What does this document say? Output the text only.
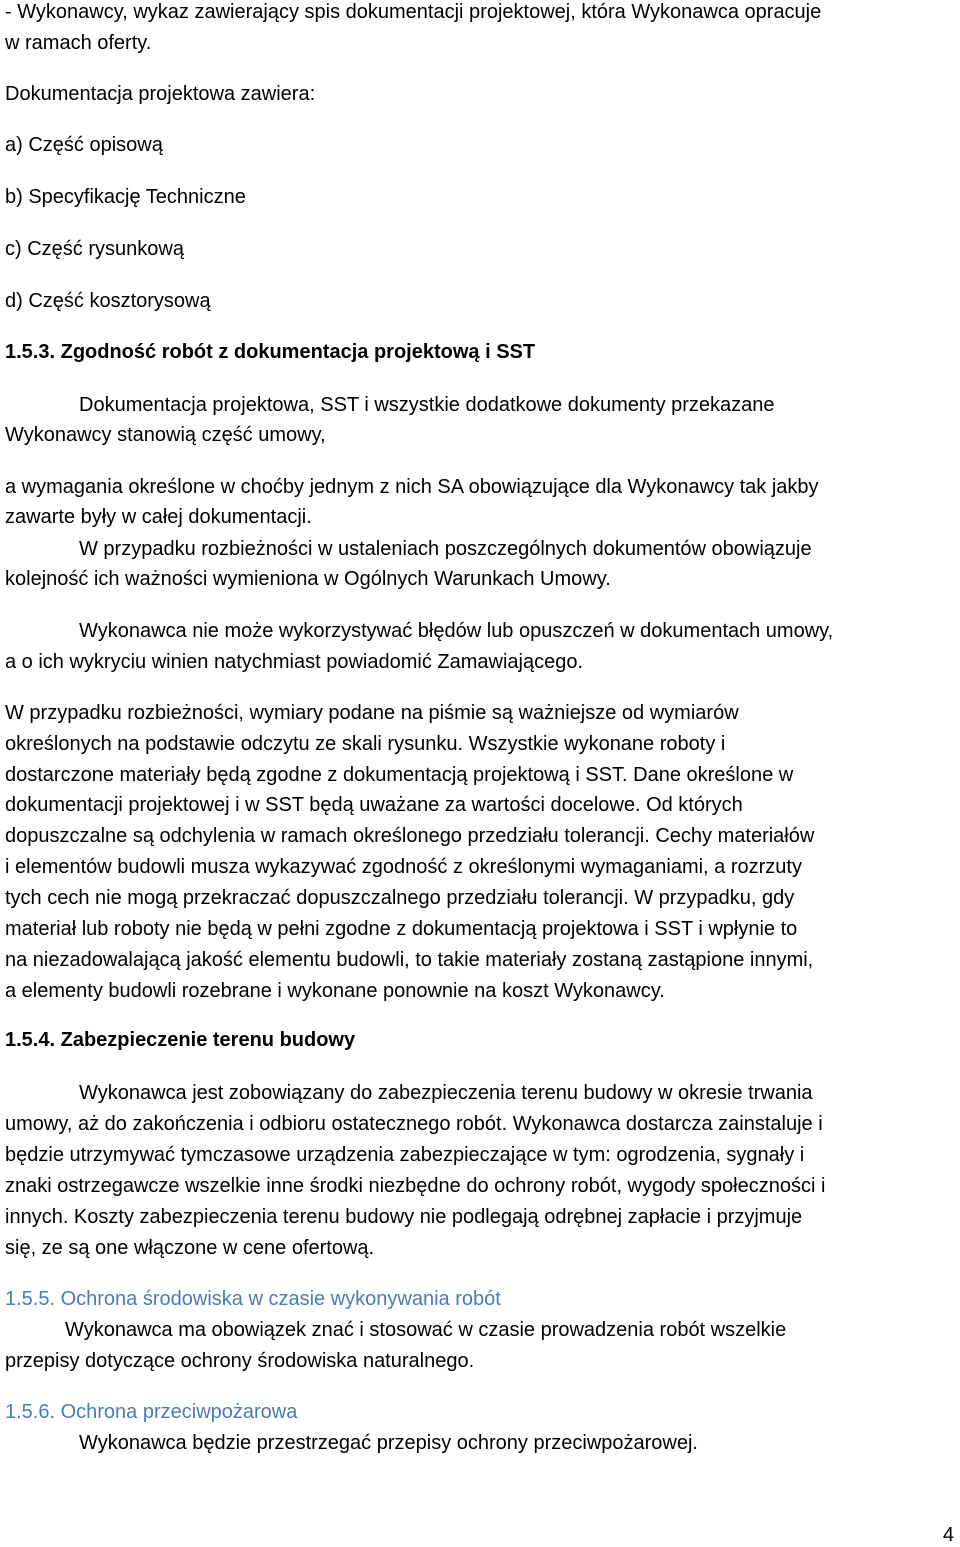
- Wykonawcy, wykaz zawierający spis dokumentacji projektowej, która Wykonawca opracuje
w ramach oferty.
Dokumentacja projektowa zawiera:
a) Część opisową
b) Specyfikację Techniczne
c) Część rysunkową
d) Część kosztorysową
1.5.3. Zgodność robót z dokumentacja projektową i SST
Dokumentacja projektowa, SST i wszystkie dodatkowe dokumenty przekazane
Wykonawcy stanowią część umowy,
a wymagania określone w choćby jednym z nich SA obowiązujące dla Wykonawcy tak jakby
zawarte były w całej dokumentacji.
W przypadku rozbieżności w ustaleniach poszczególnych dokumentów obowiązuje
kolejność ich ważności wymieniona w Ogólnych Warunkach Umowy.
Wykonawca nie może wykorzystywać błędów lub opuszczeń w dokumentach umowy,
a o ich wykryciu winien natychmiast powiadomić Zamawiającego.
W przypadku rozbieżności, wymiary podane na piśmie są ważniejsze od wymiarów
określonych na podstawie odczytu ze skali rysunku. Wszystkie wykonane roboty i
dostarczone materiały będą zgodne z dokumentacją projektową i SST. Dane określone w
dokumentacji projektowej i w SST będą uważane za wartości docelowe. Od których
dopuszczalne są odchylenia w ramach określonego przedziału tolerancji. Cechy materiałów
i elementów budowli musza wykazywać zgodność z określonymi wymaganiami, a rozrzuty
tych cech nie mogą przekraczać dopuszczalnego przedziału tolerancji. W przypadku, gdy
materiał lub roboty nie będą w pełni zgodne z dokumentacją projektowa i SST i wpłynie to
na niezadowalającą jakość elementu budowli, to takie materiały zostaną zastąpione innymi,
a elementy budowli rozebrane i wykonane ponownie na koszt Wykonawcy.
1.5.4. Zabezpieczenie terenu budowy
Wykonawca jest zobowiązany do zabezpieczenia terenu budowy w okresie trwania
umowy, aż do zakończenia i odbioru ostatecznego robót. Wykonawca dostarcza zainstaluje i
będzie utrzymywać tymczasowe urządzenia zabezpieczające w tym: ogrodzenia, sygnały i
znaki ostrzegawcze wszelkie inne środki niezbędne do ochrony robót, wygody społeczności i
innych. Koszty zabezpieczenia terenu budowy nie podlegają odrębnej zapłacie i przyjmuje
się, ze są one włączone w cene ofertową.
1.5.5. Ochrona środowiska w czasie wykonywania robót
Wykonawca ma obowiązek znać i stosować w czasie prowadzenia robót wszelkie
przepisy dotyczące ochrony środowiska naturalnego.
1.5.6. Ochrona przeciwpożarowa
Wykonawca będzie przestrzegać przepisy ochrony przeciwpożarowej.
4
